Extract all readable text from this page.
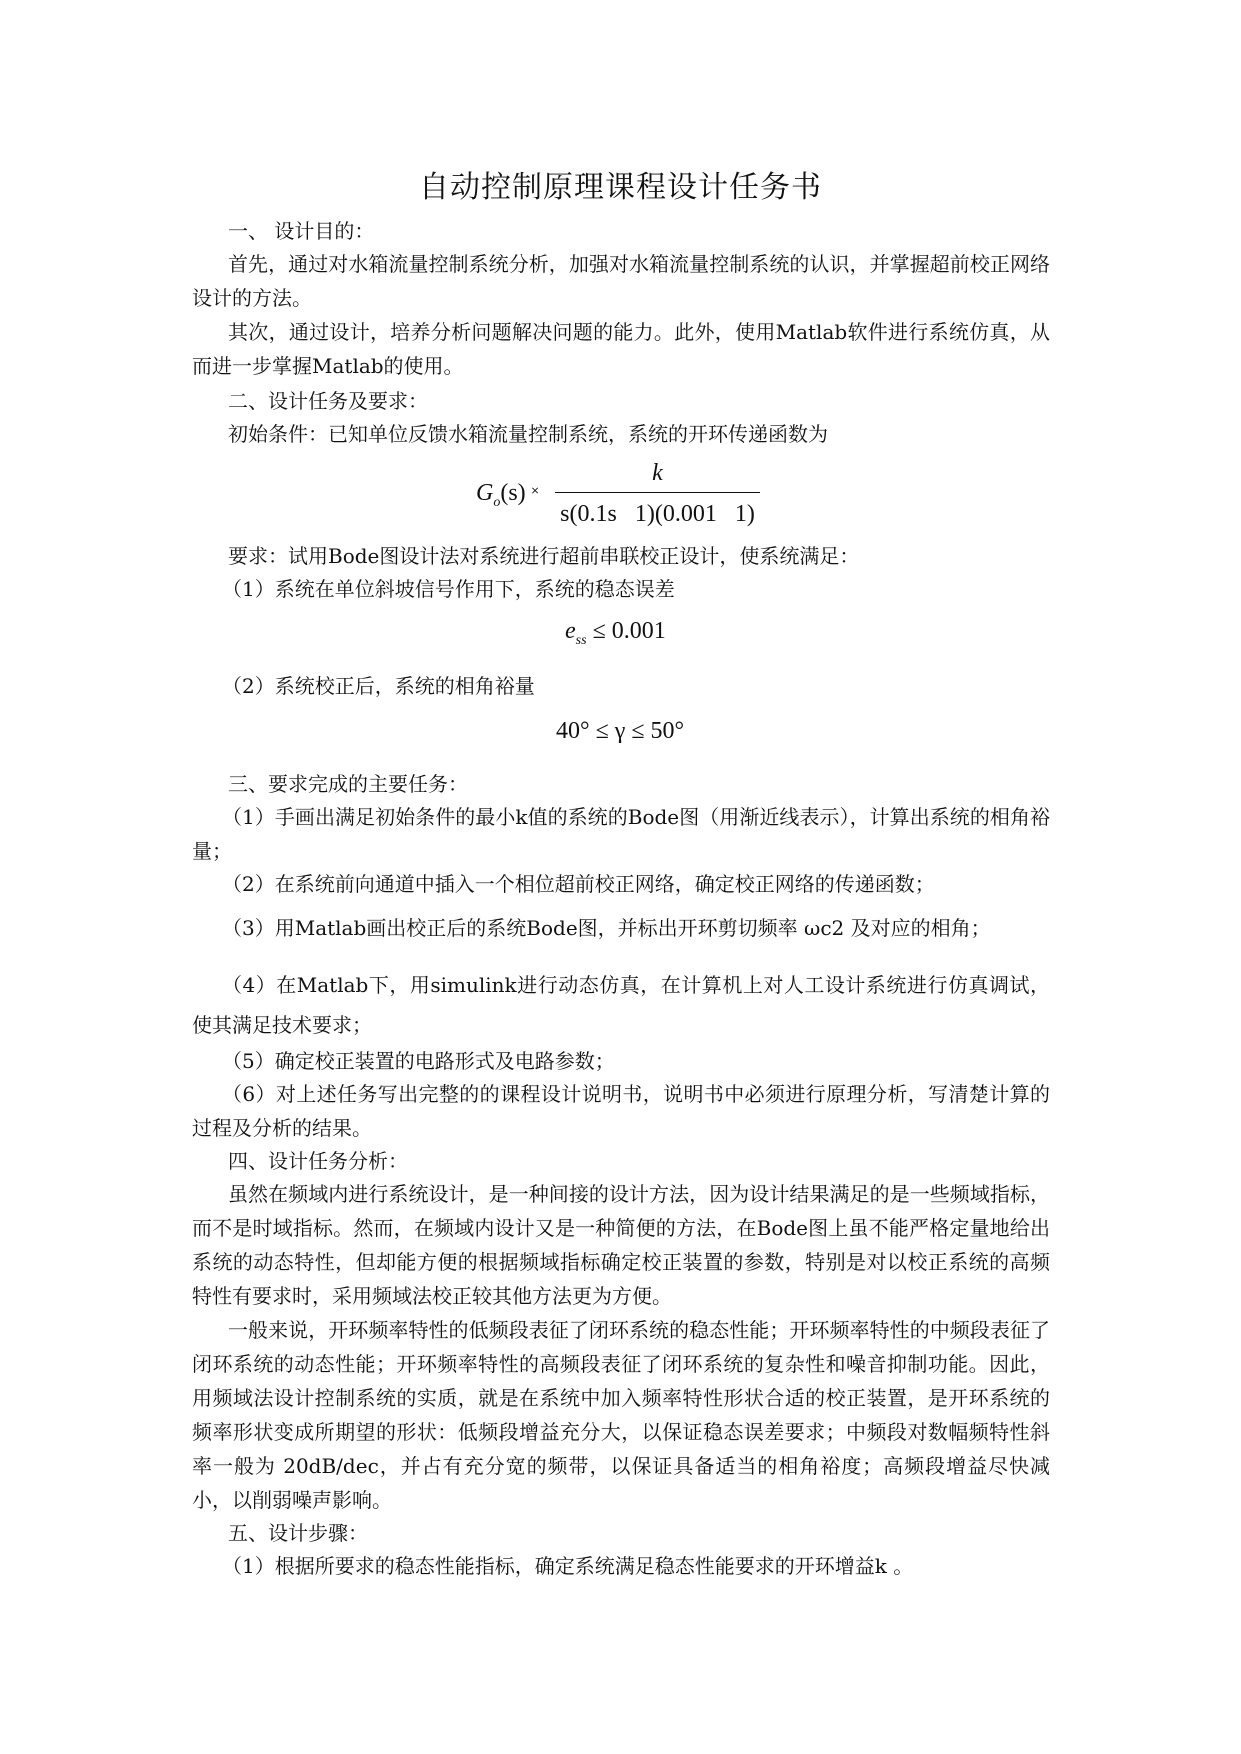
自动控制原理课程设计任务书
一、 设计目的：
首先，通过对水箱流量控制系统分析，加强对水箱流量控制系统的认识，并掌握超前校正网络设计的方法。
其次，通过设计，培养分析问题解决问题的能力。此外，使用Matlab软件进行系统仿真，从而进一步掌握Matlab的使用。
二、设计任务及要求：
初始条件：已知单位反馈水箱流量控制系统，系统的开环传递函数为
$G_o(s)$ ˟
k
s(0.1s   1)(0.001   1)
要求：试用Bode图设计法对系统进行超前串联校正设计，使系统满足：
（1）系统在单位斜坡信号作用下，系统的稳态误差
$e_{ss} \le 0.001$
（2）系统校正后，系统的相角裕量
40° ≤ γ ≤ 50°
三、要求完成的主要任务：
（1）手画出满足初始条件的最小k值的系统的Bode图（用渐近线表示），计算出系统的相角裕量；
（2）在系统前向通道中插入一个相位超前校正网络，确定校正网络的传递函数；
（3）用Matlab画出校正后的系统Bode图，并标出开环剪切频率 ωc2 及对应的相角；
（4）在Matlab下，用simulink进行动态仿真，在计算机上对人工设计系统进行仿真调试，使其满足技术要求；
（5）确定校正装置的电路形式及电路参数；
（6）对上述任务写出完整的的课程设计说明书，说明书中必须进行原理分析，写清楚计算的过程及分析的结果。
四、设计任务分析：
虽然在频域内进行系统设计，是一种间接的设计方法，因为设计结果满足的是一些频域指标，而不是时域指标。然而，在频域内设计又是一种简便的方法，在Bode图上虽不能严格定量地给出系统的动态特性，但却能方便的根据频域指标确定校正装置的参数，特别是对以校正系统的高频特性有要求时，采用频域法校正较其他方法更为方便。
一般来说，开环频率特性的低频段表征了闭环系统的稳态性能；开环频率特性的中频段表征了闭环系统的动态性能；开环频率特性的高频段表征了闭环系统的复杂性和噪音抑制功能。因此，用频域法设计控制系统的实质，就是在系统中加入频率特性形状合适的校正装置，是开环系统的频率形状变成所期望的形状：低频段增益充分大，以保证稳态误差要求；中频段对数幅频特性斜率一般为 20dB/dec，并占有充分宽的频带，以保证具备适当的相角裕度；高频段增益尽快减小，以削弱噪声影响。
五、设计步骤：
（1）根据所要求的稳态性能指标，确定系统满足稳态性能要求的开环增益k 。
